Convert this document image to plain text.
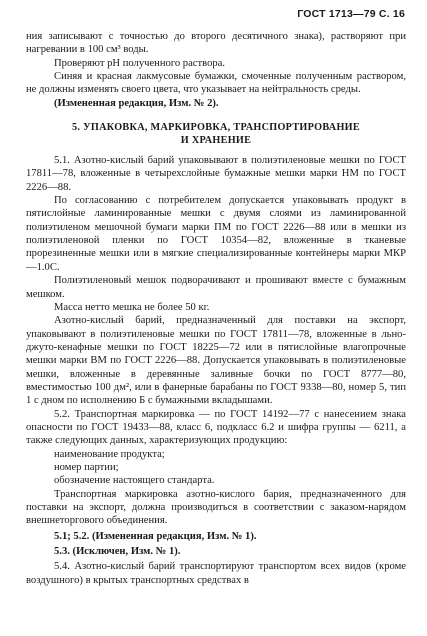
ГОСТ 1713—79 С. 16

ния записывают с точностью до второго десятичного знака), растворяют при нагревании в 100 см³ воды.

Проверяют pH полученного раствора.

Синяя и красная лакмусовые бумажки, смоченные полученным раствором, не должны изменять своего цвета, что указывает на нейтральность среды.

(Измененная редакция, Изм. № 2).

5. УПАКОВКА, МАРКИРОВКА, ТРАНСПОРТИРОВАНИЕ
И ХРАНЕНИЕ

5.1. Азотно-кислый барий упаковывают в полиэтиленовые мешки по ГОСТ 17811—78, вложенные в четырехслойные бумажные мешки марки НМ по ГОСТ 2226—88.

По согласованию с потребителем допускается упаковывать продукт в пятислойные ламинированные мешки с двумя слоями из ламинированной полиэтиленом мешочной бумаги марки ПМ по ГОСТ 2226—88 или в мешки из полиэтиленовой пленки по ГОСТ 10354—82, вложенные в тканевые прорезиненные мешки или в мягкие специализированные контейнеры марки МКР—1.0С.

Полиэтиленовый мешок подворачивают и прошивают вместе с бумажным мешком.

Масса нетто мешка не более 50 кг.

Азотно-кислый барий, предназначенный для поставки на экспорт, упаковывают в полиэтиленовые мешки по ГОСТ 17811—78, вложенные в льно-джуто-кенафные мешки по ГОСТ 18225—72 или в пятислойные влагопрочные мешки марки ВМ по ГОСТ 2226—88. Допускается упаковывать в полиэтиленовые мешки, вложенные в деревянные заливные бочки по ГОСТ 8777—80, вместимостью 100 дм², или в фанерные барабаны по ГОСТ 9338—80, номер 5, тип 1 с дном по исполнению Б с бумажными вкладышами.

5.2. Транспортная маркировка — по ГОСТ 14192—77 с нанесением знака опасности по ГОСТ 19433—88, класс 6, подкласс 6.2 и шифра группы — 6211, а также следующих данных, характеризующих продукцию:

наименование продукта;

номер партии;

обозначение настоящего стандарта.

Транспортная маркировка азотно-кислого бария, предназначенного для поставки на экспорт, должна производиться в соответствии с заказом-нарядом внешнеторгового объединения.

5.1; 5.2. (Измененная редакция, Изм. № 1).

5.3. (Исключен, Изм. № 1).

5.4. Азотно-кислый барий транспортируют транспортом всех видов (кроме воздушного) в крытых транспортных средствах в
